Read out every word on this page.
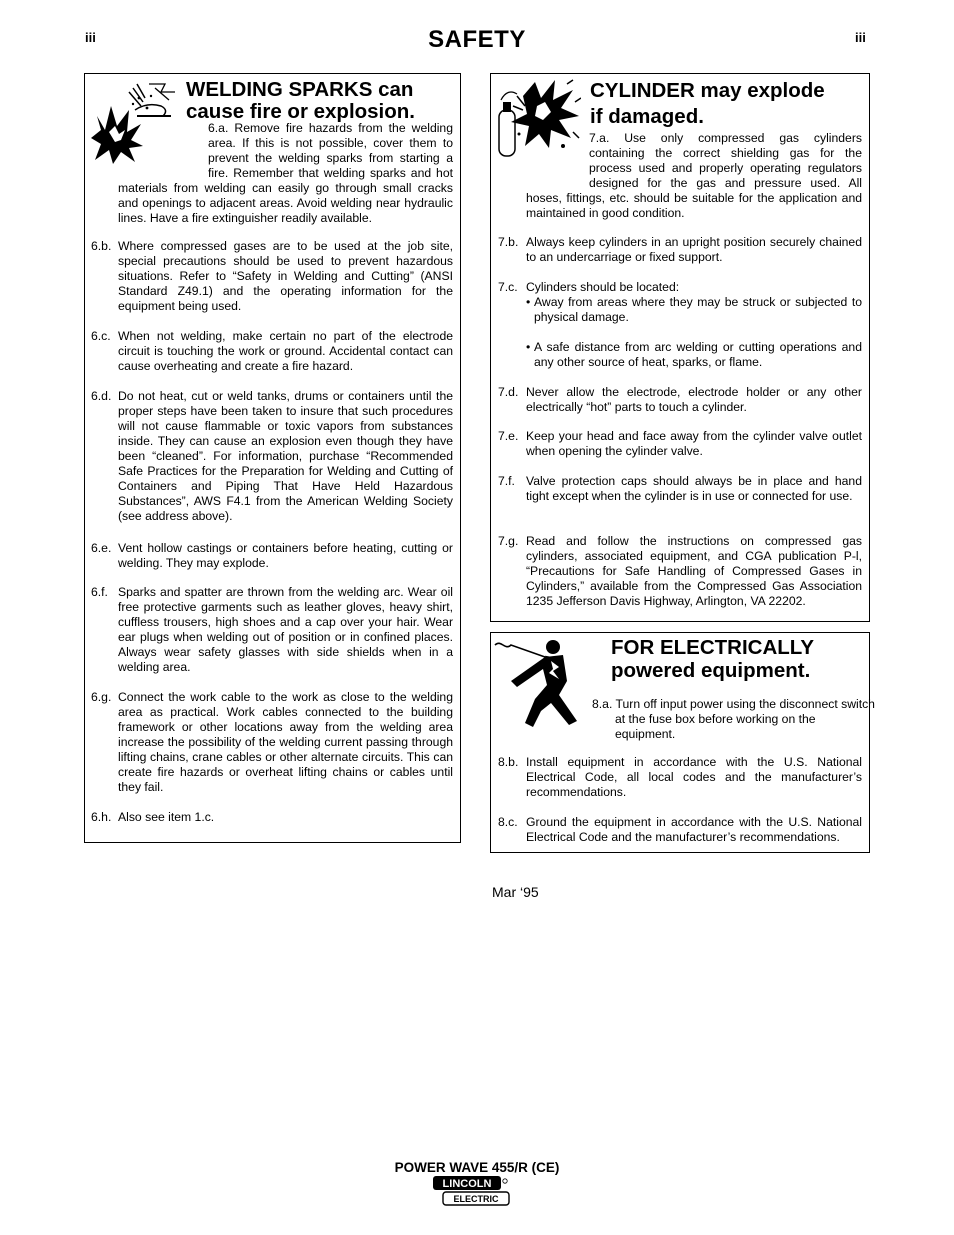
iii	SAFETY	iii
WELDING SPARKS can
cause fire or explosion.
6.a. Remove fire hazards from the welding area. If this is not possible, cover them to prevent the welding sparks from starting a fire. Remember that welding sparks and hot materials from welding can easily go through small cracks and openings to adjacent areas. Avoid welding near hydraulic lines. Have a fire extinguisher readily available.
6.b. Where compressed gases are to be used at the job site, special precautions should be used to prevent hazardous situations. Refer to “Safety in Welding and Cutting” (ANSI Standard Z49.1) and the operating information for the equipment being used.
6.c. When not welding, make certain no part of the electrode circuit is touching the work or ground. Accidental contact can cause overheating and create a fire hazard.
6.d. Do not heat, cut or weld tanks, drums or containers until the proper steps have been taken to insure that such procedures will not cause flammable or toxic vapors from substances inside. They can cause an explosion even though they have been “cleaned”. For information, purchase “Recommended Safe Practices for the Preparation for Welding and Cutting of Containers and Piping That Have Held Hazardous Substances”, AWS F4.1 from the American Welding Society (see address above).
6.e. Vent hollow castings or containers before heating, cutting or welding. They may explode.
6.f. Sparks and spatter are thrown from the welding arc. Wear oil free protective garments such as leather gloves, heavy shirt, cuffless trousers, high shoes and a cap over your hair. Wear ear plugs when welding out of position or in confined places. Always wear safety glasses with side shields when in a welding area.
6.g. Connect the work cable to the work as close to the welding area as practical. Work cables connected to the building framework or other locations away from the welding area increase the possibility of the welding current passing through lifting chains, crane cables or other alternate circuits. This can create fire hazards or overheat lifting chains or cables until they fail.
6.h. Also see item 1.c.
CYLINDER may explode
if damaged.
7.a. Use only compressed gas cylinders containing the correct shielding gas for the process used and properly operating regulators designed for the gas and pressure used. All hoses, fittings, etc. should be suitable for the application and maintained in good condition.
7.b. Always keep cylinders in an upright position securely chained to an undercarriage or fixed support.
7.c. Cylinders should be located:
• Away from areas where they may be struck or subjected to physical damage.
• A safe distance from arc welding or cutting operations and any other source of heat, sparks, or flame.
7.d. Never allow the electrode, electrode holder or any other electrically “hot” parts to touch a cylinder.
7.e. Keep your head and face away from the cylinder valve outlet when opening the cylinder valve.
7.f. Valve protection caps should always be in place and hand tight except when the cylinder is in use or connected for use.
7.g. Read and follow the instructions on compressed gas cylinders, associated equipment, and CGA publication P-l, “Precautions for Safe Handling of Compressed Gases in Cylinders,” available from the Compressed Gas Association 1235 Jefferson Davis Highway, Arlington, VA 22202.
FOR ELECTRICALLY
powered equipment.
8.a. Turn off input power using the disconnect switch at the fuse box before working on the equipment.
8.b. Install equipment in accordance with the U.S. National Electrical Code, all local codes and the manufacturer’s recommendations.
8.c. Ground the equipment in accordance with the U.S. National Electrical Code and the manufacturer’s recommendations.
Mar ‘95
POWER WAVE 455/R (CE)
LINCOLN
ELECTRIC
